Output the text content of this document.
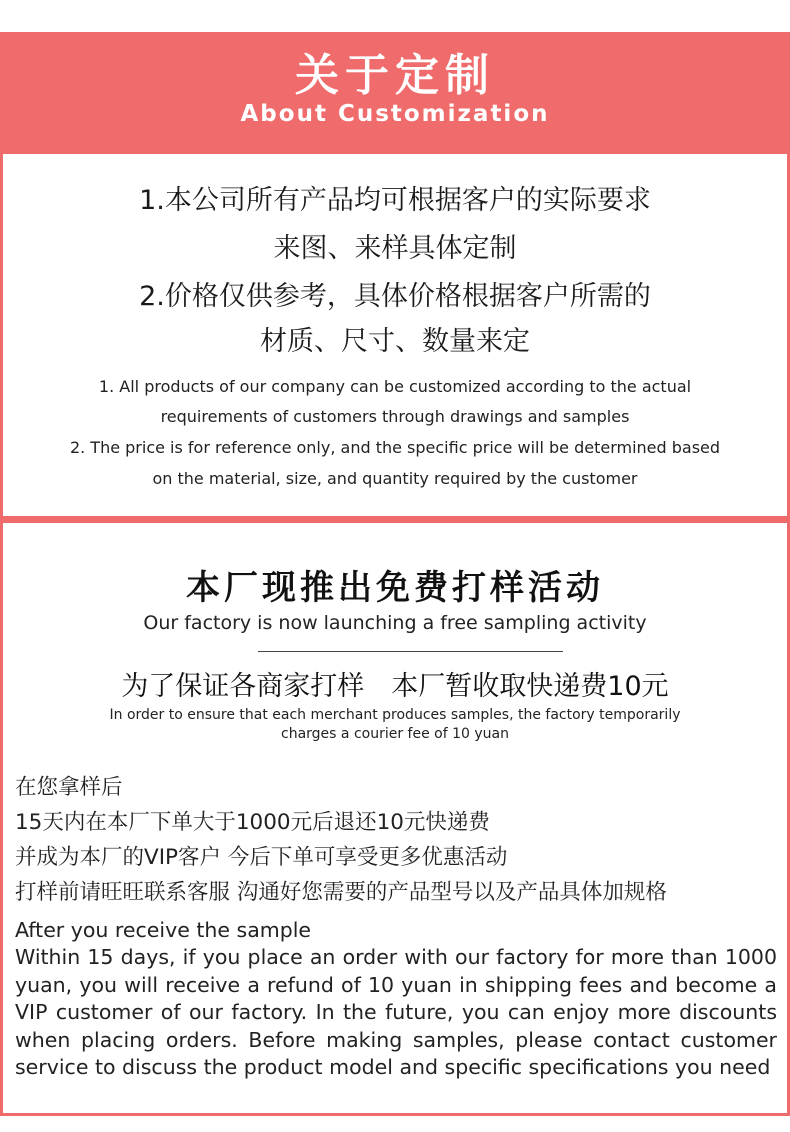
关于定制
About Customization
1.本公司所有产品均可根据客户的实际要求
来图、来样具体定制
2.价格仅供参考，具体价格根据客户所需的
材质、尺寸、数量来定
1. All products of our company can be customized according to the actual
requirements of customers through drawings and samples
2. The price is for reference only, and the specific price will be determined based
on the material, size, and quantity required by the customer
本厂现推出免费打样活动
Our factory is now launching a free sampling activity
为了保证各商家打样　本厂暂收取快递费10元
In order to ensure that each merchant produces samples, the factory temporarily
charges a courier fee of 10 yuan
在您拿样后
15天内在本厂下单大于1000元后退还10元快递费
并成为本厂的VIP客户 今后下单可享受更多优惠活动
打样前请旺旺联系客服 沟通好您需要的产品型号以及产品具体加规格
After you receive the sample
Within 15 days, if you place an order with our factory for more than 1000 yuan, you will receive a refund of 10 yuan in shipping fees and become a VIP customer of our factory. In the future, you can enjoy more discounts when placing orders. Before making samples, please contact customer service to discuss the product model and specific specifications you need
